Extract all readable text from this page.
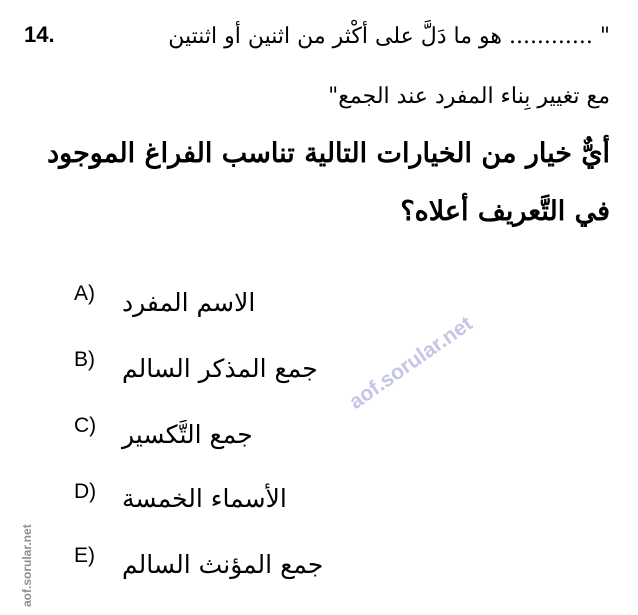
14.	" ............ هو ما دَلَّ على أكْثر من اثنين أو اثنتين
مع تغيير بِناء المفرد عند الجمع"
أيٌّ خيار من الخيارات التالية تناسب الفراغ الموجود
في التَّعريف أعلاه؟
A) الاسم المفرد
B) جمع المذكر السالم
C) جمع التَّكسير
D) الأسماء الخمسة
E) جمع المؤنث السالم
aof.sorular.net
aof.sorular.net
